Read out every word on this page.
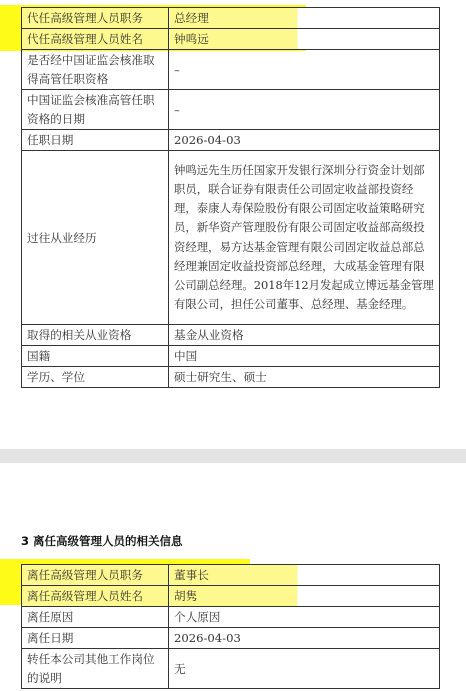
代任高级管理人员职务	总经理
代任高级管理人员姓名	钟鸣远
是否经中国证监会核准取得高管任职资格	–
中国证监会核准高管任职资格的日期	–
任职日期	2026-04-03
过往从业经历	钟鸣远先生历任国家开发银行深圳分行资金计划部职员，联合证券有限责任公司固定收益部投资经理，泰康人寿保险股份有限公司固定收益策略研究员，新华资产管理股份有限公司固定收益部高级投资经理，易方达基金管理有限公司固定收益总部总经理兼固定收益投资部总经理，大成基金管理有限公司副总经理。2018年12月发起成立博远基金管理有限公司，担任公司董事、总经理、基金经理。
取得的相关从业资格	基金从业资格
国籍	中国
学历、学位	硕士研究生、硕士
3 离任高级管理人员的相关信息
离任高级管理人员职务	董事长
离任高级管理人员姓名	胡隽
离任原因	个人原因
离任日期	2026-04-03
转任本公司其他工作岗位的说明	无
